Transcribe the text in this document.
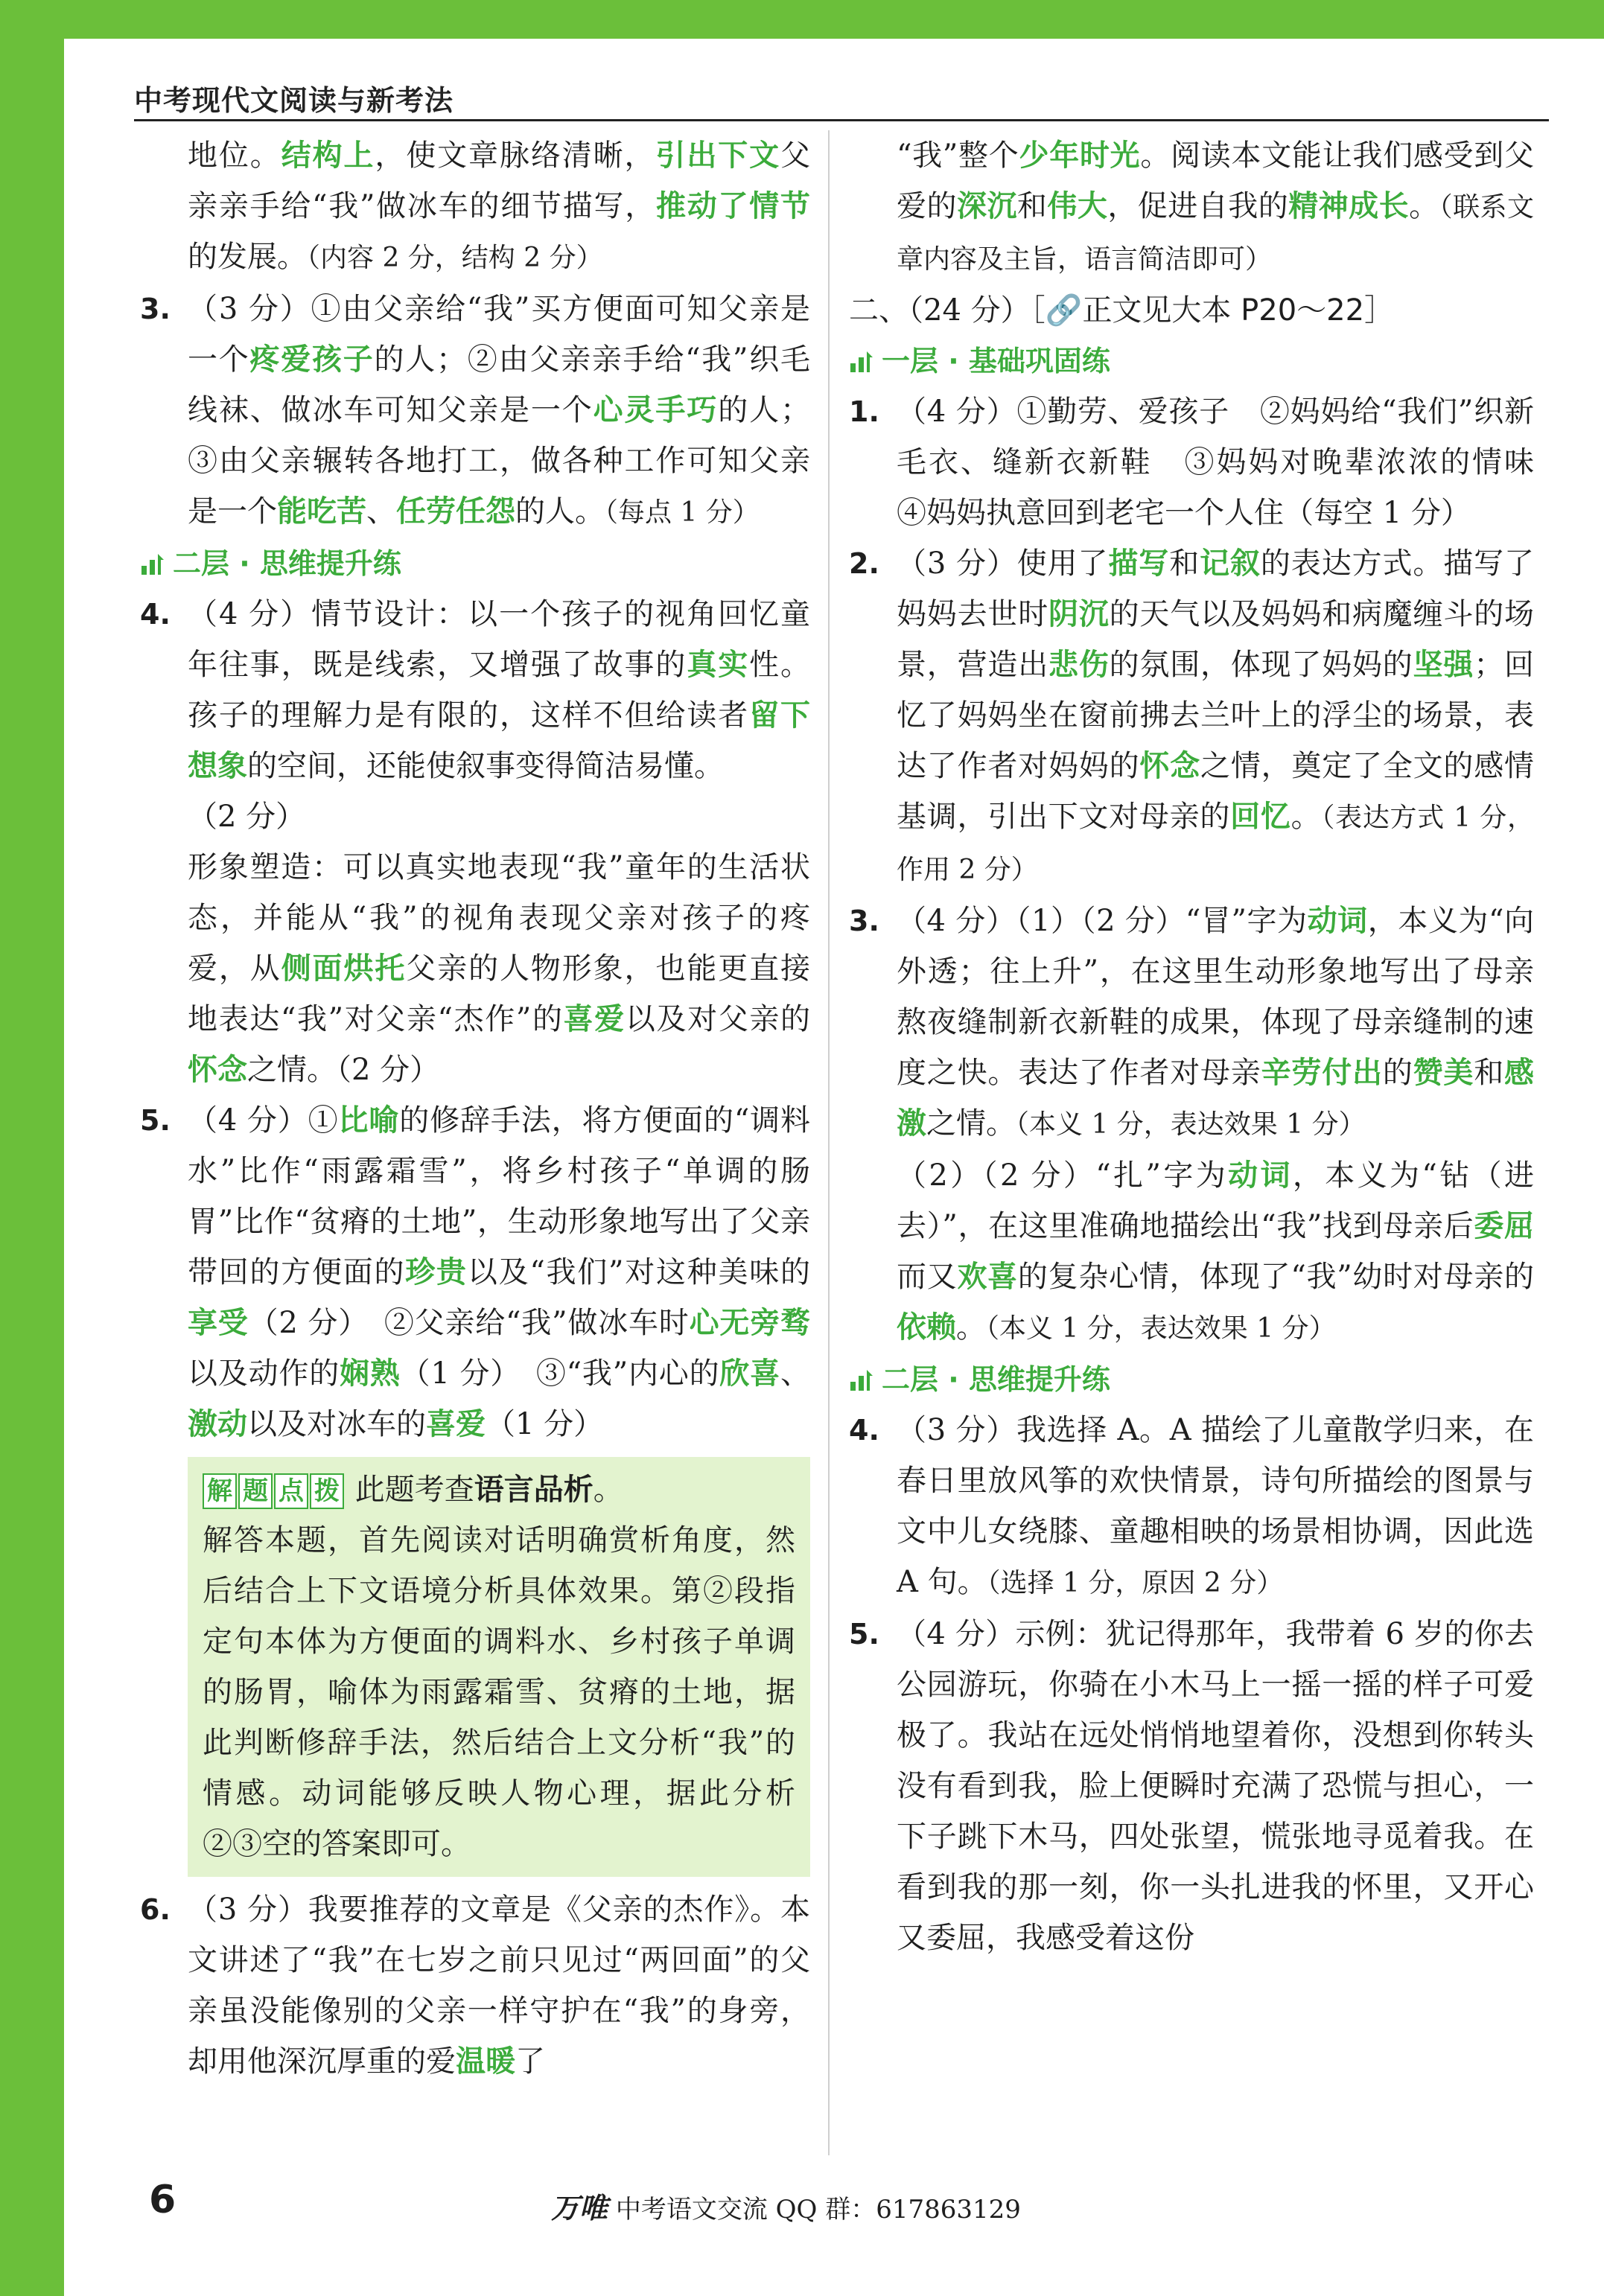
中考现代文阅读与新考法
地位。结构上，使文章脉络清晰，引出下文父亲亲手给“我”做冰车的细节描写，推动了情节的发展。（内容 2 分，结构 2 分）
3. （3 分）①由父亲给“我”买方便面可知父亲是一个疼爱孩子的人；②由父亲亲手给“我”织毛线袜、做冰车可知父亲是一个心灵手巧的人；③由父亲辗转各地打工，做各种工作可知父亲是一个能吃苦、任劳任怨的人。（每点 1 分）
二层 · 思维提升练
4. （4 分）情节设计：以一个孩子的视角回忆童年往事，既是线索，又增强了故事的真实性。孩子的理解力是有限的，这样不但给读者留下想象的空间，还能使叙事变得简洁易懂。
（2 分）
形象塑造：可以真实地表现“我”童年的生活状态，并能从“我”的视角表现父亲对孩子的疼爱，从侧面烘托父亲的人物形象，也能更直接地表达“我”对父亲“杰作”的喜爱以及对父亲的怀念之情。（2 分）
5. （4 分）①比喻的修辞手法，将方便面的“调料水”比作“雨露霜雪”，将乡村孩子“单调的肠胃”比作“贫瘠的土地”，生动形象地写出了父亲带回的方便面的珍贵以及“我们”对这种美味的享受（2 分）　②父亲给“我”做冰车时心无旁骛以及动作的娴熟（1 分）　③“我”内心的欣喜、激动以及对冰车的喜爱（1 分）
解 题 点 拨 此题考查语言品析。
解答本题，首先阅读对话明确赏析角度，然后结合上下文语境分析具体效果。第②段指定句本体为方便面的调料水、乡村孩子单调的肠胃，喻体为雨露霜雪、贫瘠的土地，据此判断修辞手法，然后结合上文分析“我”的情感。动词能够反映人物心理，据此分析②③空的答案即可。
6. （3 分）我要推荐的文章是《父亲的杰作》。本文讲述了“我”在七岁之前只见过“两回面”的父亲虽没能像别的父亲一样守护在“我”的身旁，却用他深沉厚重的爱温暖了
“我”整个少年时光。阅读本文能让我们感受到父爱的深沉和伟大，促进自我的精神成长。（联系文章内容及主旨，语言简洁即可）
二、（24 分）［🔗正文见大本 P20～22］
一层 · 基础巩固练
1. （4 分）①勤劳、爱孩子　②妈妈给“我们”织新毛衣、缝新衣新鞋　③妈妈对晚辈浓浓的情味　④妈妈执意回到老宅一个人住（每空 1 分）
2. （3 分）使用了描写和记叙的表达方式。描写了妈妈去世时阴沉的天气以及妈妈和病魔缠斗的场景，营造出悲伤的氛围，体现了妈妈的坚强；回忆了妈妈坐在窗前拂去兰叶上的浮尘的场景，表达了作者对妈妈的怀念之情，奠定了全文的感情基调，引出下文对母亲的回忆。（表达方式 1 分，作用 2 分）
3. （4 分）（1）（2 分）“冒”字为动词，本义为“向外透；往上升”，在这里生动形象地写出了母亲熬夜缝制新衣新鞋的成果，体现了母亲缝制的速度之快。表达了作者对母亲辛劳付出的赞美和感激之情。（本义 1 分，表达效果 1 分）
（2）（2 分）“扎”字为动词，本义为“钻（进去）”，在这里准确地描绘出“我”找到母亲后委屈而又欢喜的复杂心情，体现了“我”幼时对母亲的依赖。（本义 1 分，表达效果 1 分）
二层 · 思维提升练
4. （3 分）我选择 A。A 描绘了儿童散学归来，在春日里放风筝的欢快情景，诗句所描绘的图景与文中儿女绕膝、童趣相映的场景相协调，因此选 A 句。（选择 1 分，原因 2 分）
5. （4 分）示例：犹记得那年，我带着 6 岁的你去公园游玩，你骑在小木马上一摇一摇的样子可爱极了。我站在远处悄悄地望着你，没想到你转头没有看到我，脸上便瞬时充满了恐慌与担心，一下子跳下木马，四处张望，慌张地寻觅着我。在看到我的那一刻，你一头扎进我的怀里，又开心又委屈，我感受着这份
6	万唯 中考语文交流 QQ 群：617863129
